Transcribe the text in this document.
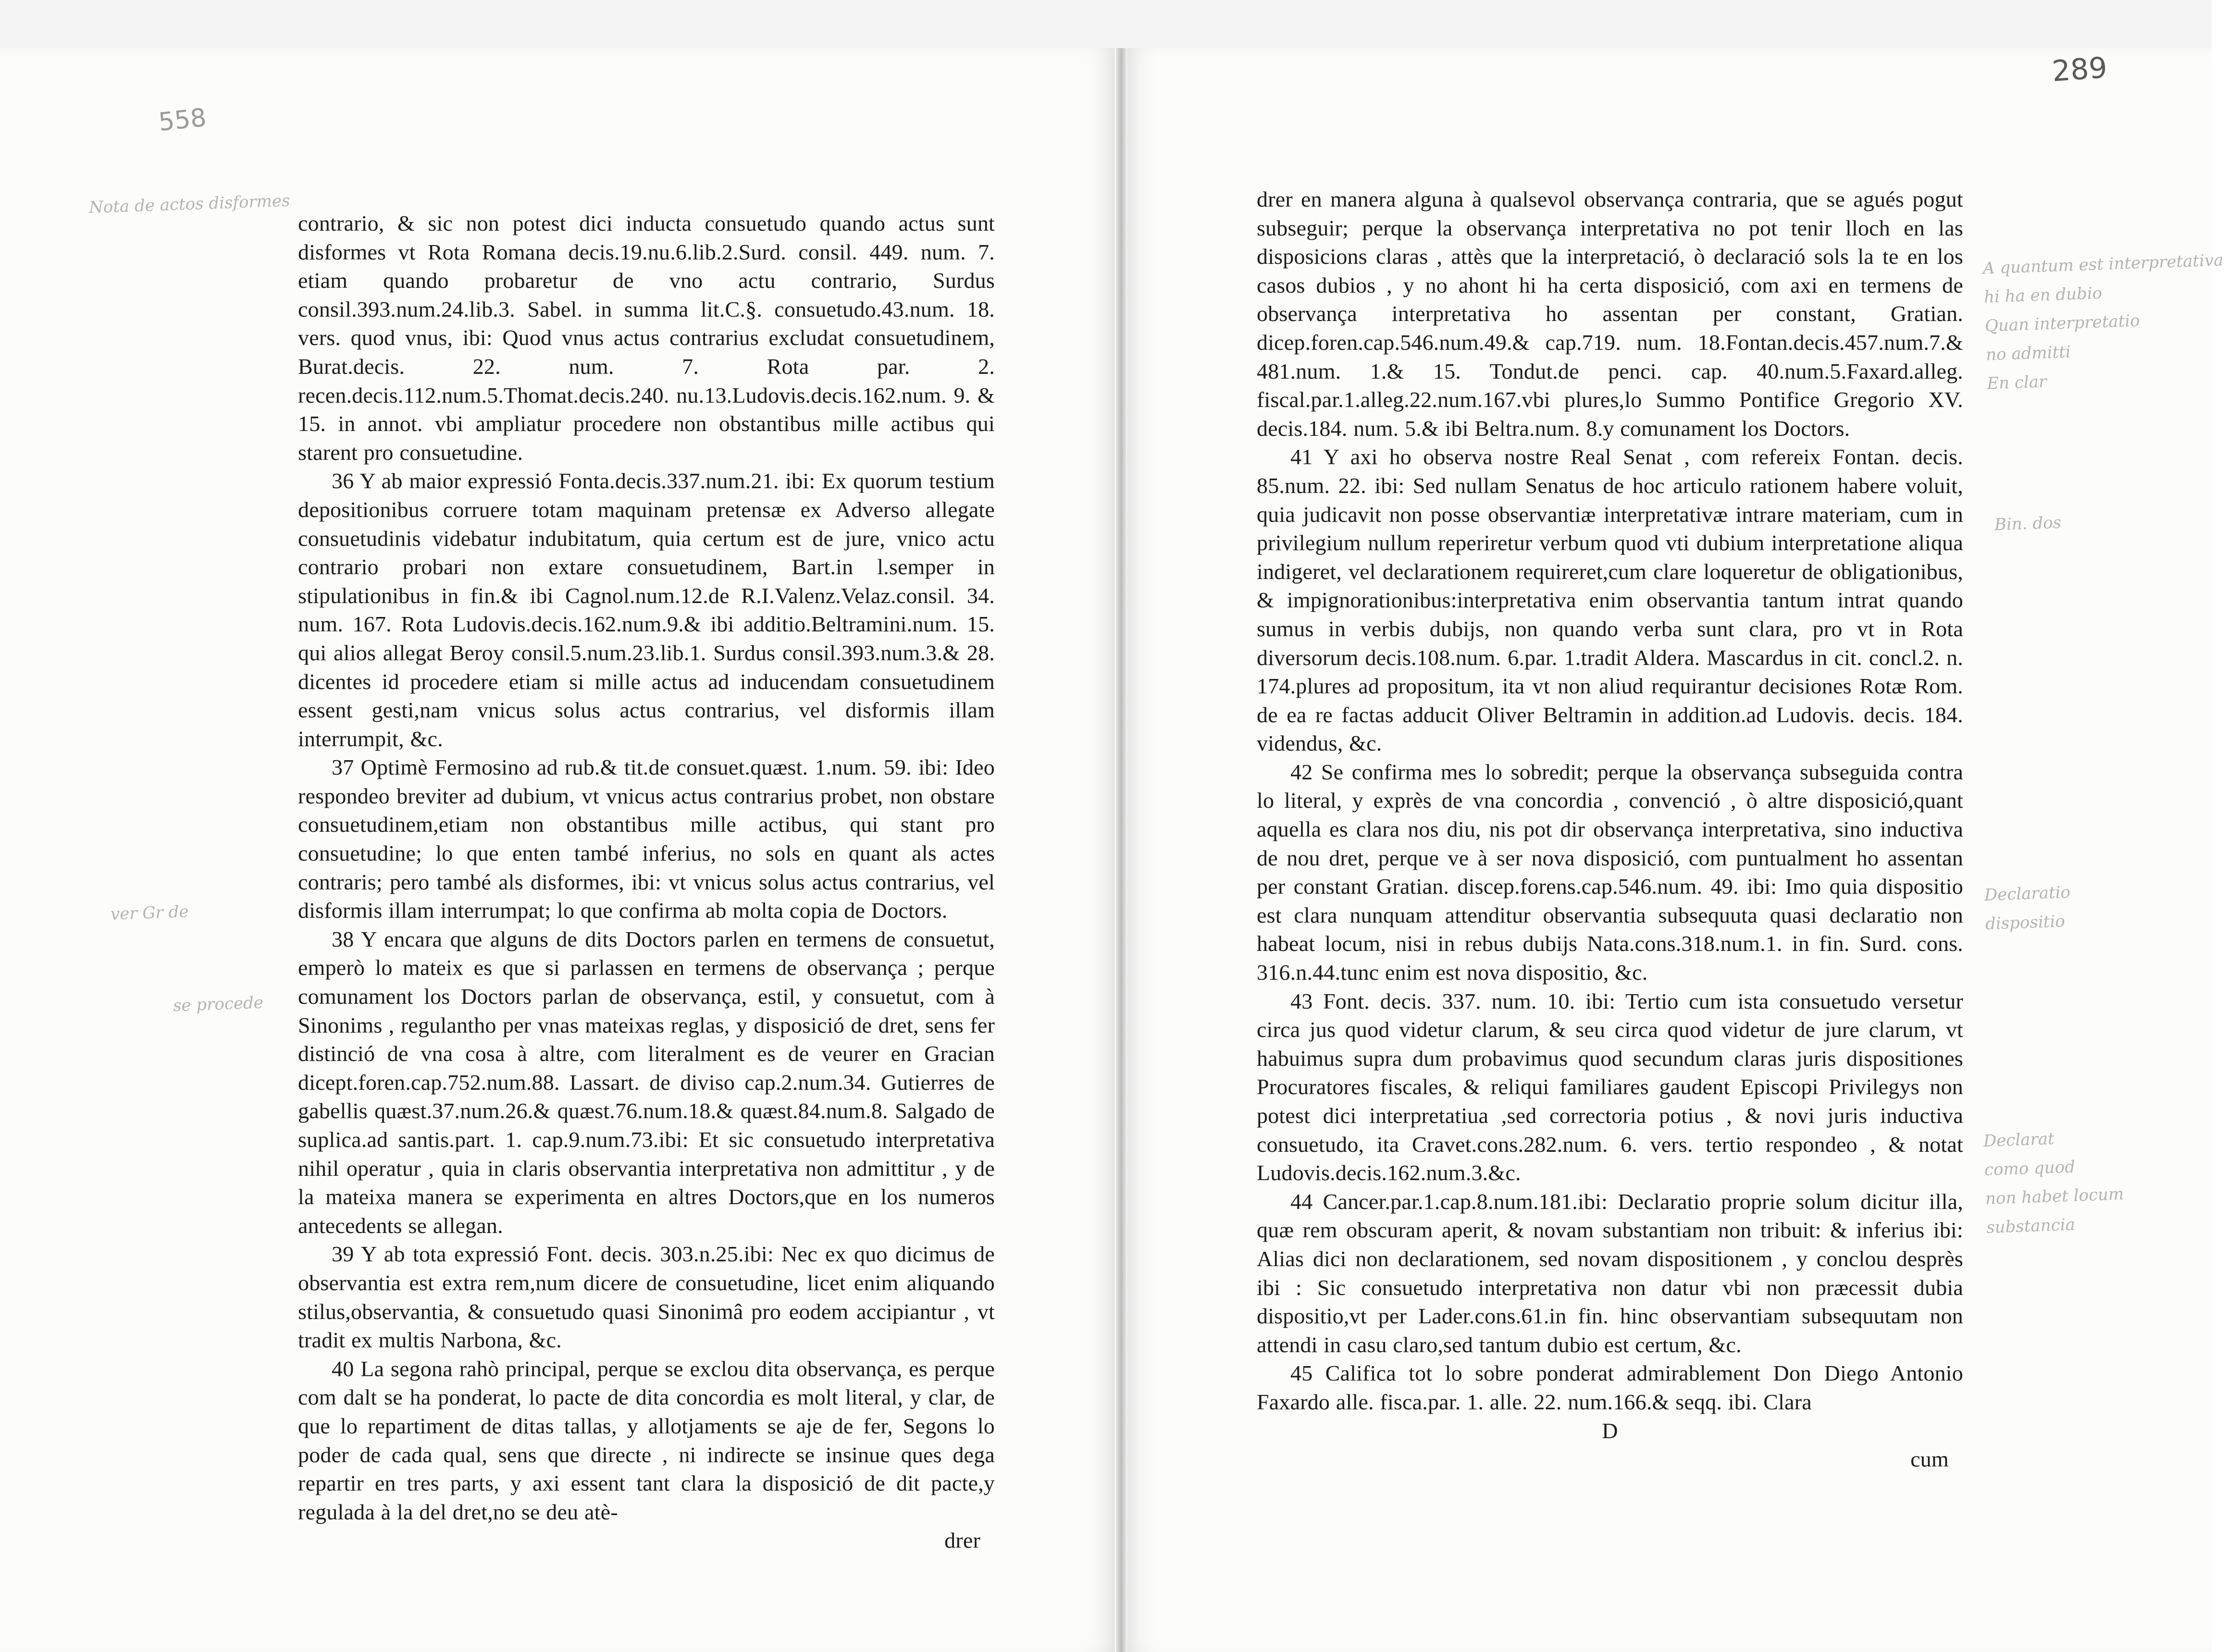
558
289
Nota de actos disformes
ver Gr de
se procede
A quantum est interpretativa
hi ha en dubio
Quan interpretatio
no admitti
En clar
Bin. dos
Declaratio
dispositio
Declarat
como quod
non habet locum
substancia

contrario, & sic non potest dici inducta consuetudo quando actus sunt disformes vt Rota Romana decis.19.nu.6.lib.2.Surd. consil. 449. num. 7. etiam quando probaretur de vno actu contrario, Surdus consil.393.num.24.lib.3. Sabel. in summa lit.C.§. consuetudo.43.num. 18. vers. quod vnus, ibi: Quod vnus actus contrarius excludat consuetudinem, Burat.decis. 22. num. 7. Rota par. 2. recen.decis.112.num.5.Thomat.decis.240. nu.13.Ludovis.decis.162.num. 9. & 15. in annot. vbi ampliatur procedere non obstantibus mille actibus qui starent pro consuetudine.

36 Y ab maior expressió Fonta.decis.337.num.21. ibi: Ex quorum testium depositionibus corruere totam maquinam pretensæ ex Adverso allegate consuetudinis videbatur indubitatum, quia certum est de jure, vnico actu contrario probari non extare consuetudinem, Bart.in l.semper in stipulationibus in fin.& ibi Cagnol.num.12.de R.I.Valenz.Velaz.consil. 34. num. 167. Rota Ludovis.decis.162.num.9.& ibi additio.Beltramini.num. 15. qui alios allegat Beroy consil.5.num.23.lib.1. Surdus consil.393.num.3.& 28. dicentes id procedere etiam si mille actus ad inducendam consuetudinem essent gesti,nam vnicus solus actus contrarius, vel disformis illam interrumpit, &c.

37 Optimè Fermosino ad rub.& tit.de consuet.quæst. 1.num. 59. ibi: Ideo respondeo breviter ad dubium, vt vnicus actus contrarius probet, non obstare consuetudinem,etiam non obstantibus mille actibus, qui stant pro consuetudine; lo que enten també inferius, no sols en quant als actes contraris; pero també als disformes, ibi: vt vnicus solus actus contrarius, vel disformis illam interrumpat; lo que confirma ab molta copia de Doctors.

38 Y encara que alguns de dits Doctors parlen en termens de consuetut, emperò lo mateix es que si parlassen en termens de observança ; perque comunament los Doctors parlan de observança, estil, y consuetut, com à Sinonims , regulantho per vnas mateixas reglas, y disposició de dret, sens fer distinció de vna cosa à altre, com literalment es de veurer en Gracian dicept.foren.cap.752.num.88. Lassart. de diviso cap.2.num.34. Gutierres de gabellis quæst.37.num.26.& quæst.76.num.18.& quæst.84.num.8. Salgado de suplica.ad santis.part. 1. cap.9.num.73.ibi: Et sic consuetudo interpretativa nihil operatur , quia in claris observantia interpretativa non admittitur , y de la mateixa manera se experimenta en altres Doctors,que en los numeros antecedents se allegan.

39 Y ab tota expressió Font. decis. 303.n.25.ibi: Nec ex quo dicimus de observantia est extra rem,num dicere de consuetudine, licet enim aliquando stilus,observantia, & consuetudo quasi Sinonimâ pro eodem accipiantur , vt tradit ex multis Narbona, &c.

40 La segona rahò principal, perque se exclou dita observança, es perque com dalt se ha ponderat, lo pacte de dita concordia es molt literal, y clar, de que lo repartiment de ditas tallas, y allotjaments se aje de fer, Segons lo poder de cada qual, sens que directe , ni indirecte se insinue ques dega repartir en tres parts, y axi essent tant clara la disposició de dit pacte,y regulada à la del dret,no se deu atè-

drer

drer en manera alguna à qualsevol observança contraria, que se agués pogut subseguir; perque la observança interpretativa no pot tenir lloch en las disposicions claras , attès que la interpretació, ò declaració sols la te en los casos dubios , y no ahont hi ha certa disposició, com axi en termens de observança interpretativa ho assentan per constant, Gratian. dicep.foren.cap.546.num.49.& cap.719. num. 18.Fontan.decis.457.num.7.& 481.num. 1.& 15. Tondut.de penci. cap. 40.num.5.Faxard.alleg. fiscal.par.1.alleg.22.num.167.vbi plures,lo Summo Pontifice Gregorio XV. decis.184. num. 5.& ibi Beltra.num. 8.y comunament los Doctors.

41 Y axi ho observa nostre Real Senat , com refereix Fontan. decis. 85.num. 22. ibi: Sed nullam Senatus de hoc articulo rationem habere voluit, quia judicavit non posse observantiæ interpretativæ intrare materiam, cum in privilegium nullum reperiretur verbum quod vti dubium interpretatione aliqua indigeret, vel declarationem requireret,cum clare loqueretur de obligationibus, & impignorationibus:interpretativa enim observantia tantum intrat quando sumus in verbis dubijs, non quando verba sunt clara, pro vt in Rota diversorum decis.108.num. 6.par. 1.tradit Aldera. Mascardus in cit. concl.2. n. 174.plures ad propositum, ita vt non aliud requirantur decisiones Rotæ Rom. de ea re factas adducit Oliver Beltramin in addition.ad Ludovis. decis. 184. videndus, &c.

42 Se confirma mes lo sobredit; perque la observança subseguida contra lo literal, y exprès de vna concordia , convenció , ò altre disposició,quant aquella es clara nos diu, nis pot dir observança interpretativa, sino inductiva de nou dret, perque ve à ser nova disposició, com puntualment ho assentan per constant Gratian. discep.forens.cap.546.num. 49. ibi: Imo quia dispositio est clara nunquam attenditur observantia subsequuta quasi declaratio non habeat locum, nisi in rebus dubijs Nata.cons.318.num.1. in fin. Surd. cons. 316.n.44.tunc enim est nova dispositio, &c.

43 Font. decis. 337. num. 10. ibi: Tertio cum ista consuetudo versetur circa jus quod videtur clarum, & seu circa quod videtur de jure clarum, vt habuimus supra dum probavimus quod secundum claras juris dispositiones Procuratores fiscales, & reliqui familiares gaudent Episcopi Privilegys non potest dici interpretatiua ,sed correctoria potius , & novi juris inductiva consuetudo, ita Cravet.cons.282.num. 6. vers. tertio respondeo , & notat Ludovis.decis.162.num.3.&c.

44 Cancer.par.1.cap.8.num.181.ibi: Declaratio proprie solum dicitur illa, quæ rem obscuram aperit, & novam substantiam non tribuit: & inferius ibi: Alias dici non declarationem, sed novam dispositionem , y conclou desprès ibi : Sic consuetudo interpretativa non datur vbi non præcessit dubia dispositio,vt per Lader.cons.61.in fin. hinc observantiam subsequutam non attendi in casu claro,sed tantum dubio est certum, &c.

45 Califica tot lo sobre ponderat admirablement Don Diego Antonio Faxardo alle. fisca.par. 1. alle. 22. num.166.& seqq. ibi. Clara

D

cum
